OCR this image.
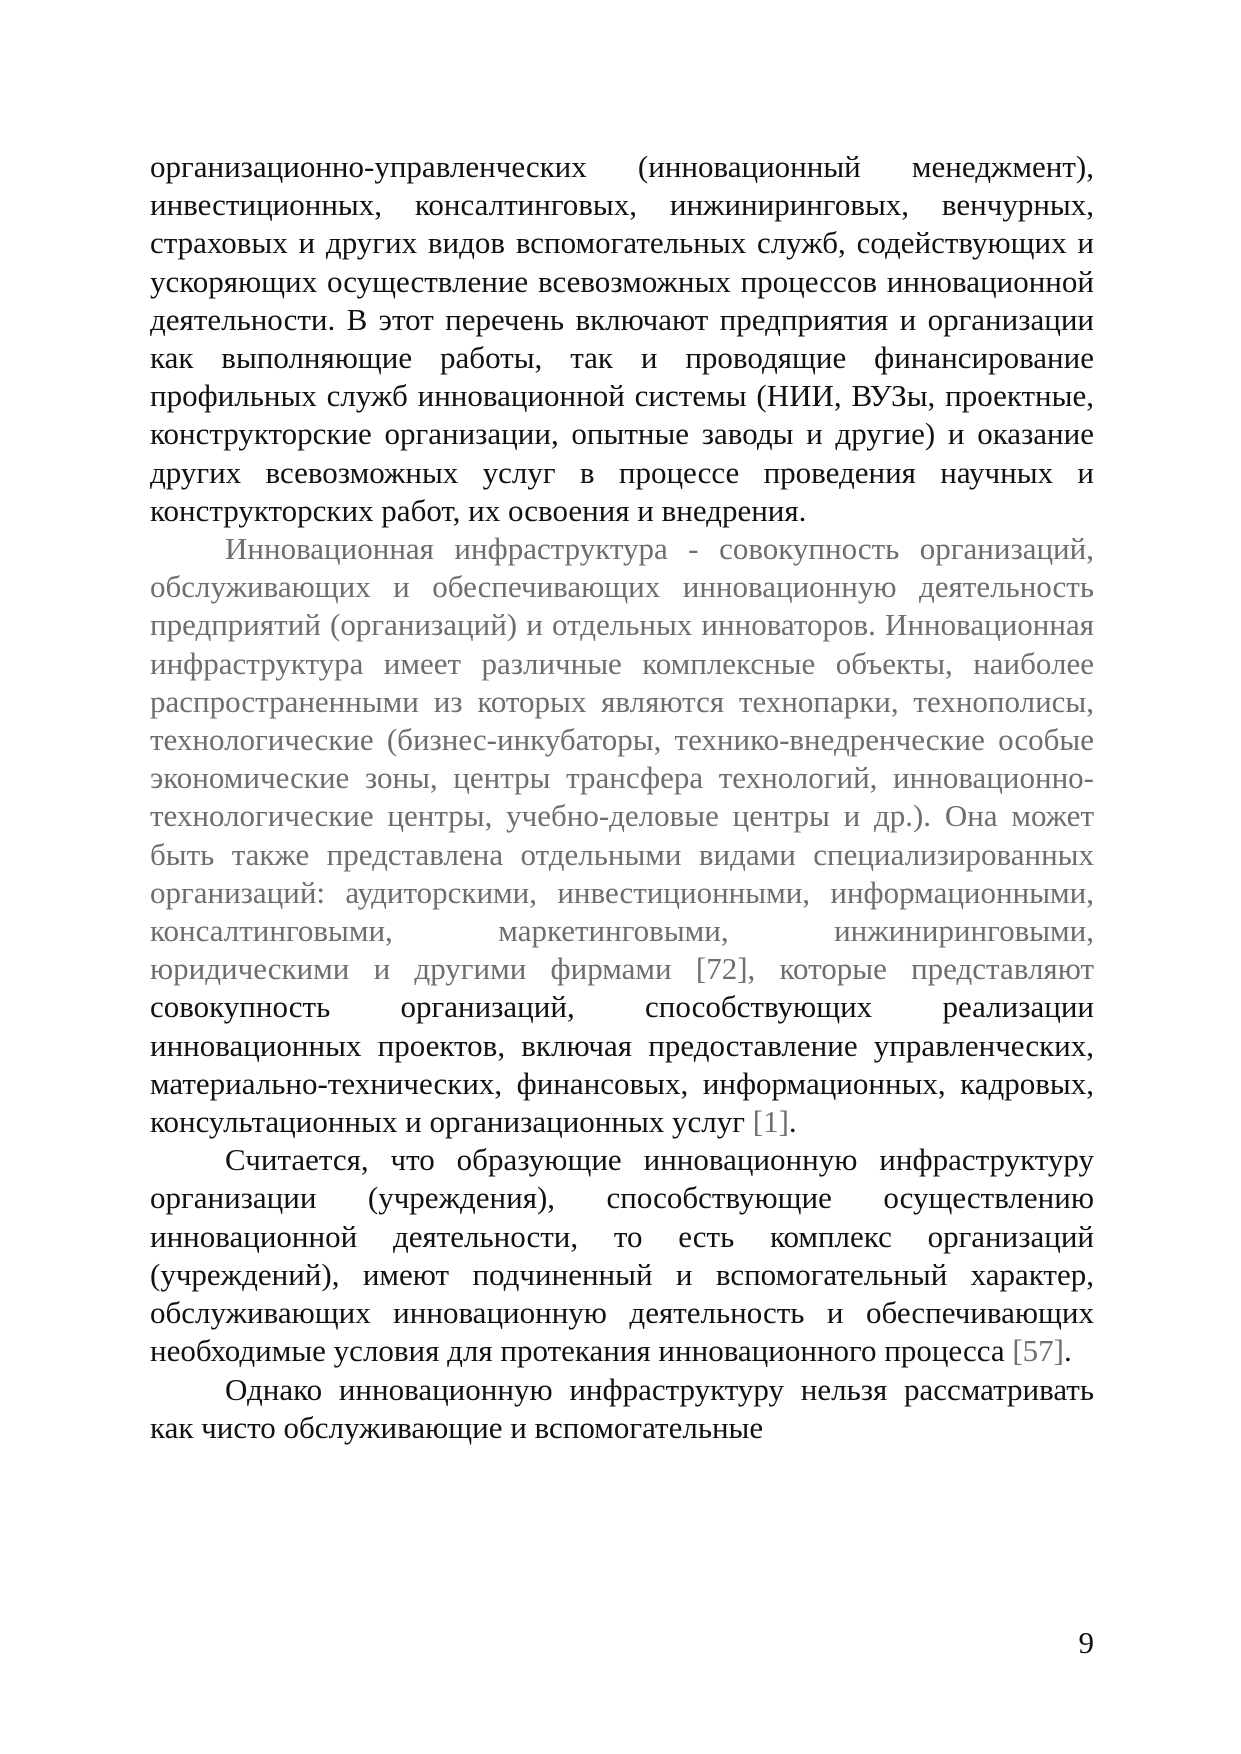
организационно-управленческих (инновационный менеджмент), инвестиционных, консалтинговых, инжиниринговых, венчурных, страховых и других видов вспомогательных служб, содействующих и ускоряющих осуществление всевозможных процессов инновационной деятельности. В этот перечень включают предприятия и организации как выполняющие работы, так и проводящие финансирование профильных служб инновационной системы (НИИ, ВУЗы, проектные, конструкторские организации, опытные заводы и другие) и оказание других всевозможных услуг в процессе проведения научных и конструкторских работ, их освоения и внедрения.

Инновационная инфраструктура - совокупность организаций, обслуживающих и обеспечивающих инновационную деятельность предприятий (организаций) и отдельных инноваторов. Инновационная инфраструктура имеет различные комплексные объекты, наиболее распространенными из которых являются технопарки, технополисы, технологические (бизнес-инкубаторы, технико-внедренческие особые экономические зоны, центры трансфера технологий, инновационно-технологические центры, учебно-деловые центры и др.). Она может быть также представлена отдельными видами специализированных организаций: аудиторскими, инвестиционными, информационными, консалтинговыми, маркетинговыми, инжиниринговыми, юридическими и другими фирмами [72], которые представляют совокупность организаций, способствующих реализации инновационных проектов, включая предоставление управленческих, материально-технических, финансовых, информационных, кадровых, консультационных и организационных услуг [1].

Считается, что образующие инновационную инфраструктуру организации (учреждения), способствующие осуществлению инновационной деятельности, то есть комплекс организаций (учреждений), имеют подчиненный и вспомогательный характер, обслуживающих инновационную деятельность и обеспечивающих необходимые условия для протекания инновационного процесса [57].

Однако инновационную инфраструктуру нельзя рассматривать как чисто обслуживающие и вспомогательные

9
